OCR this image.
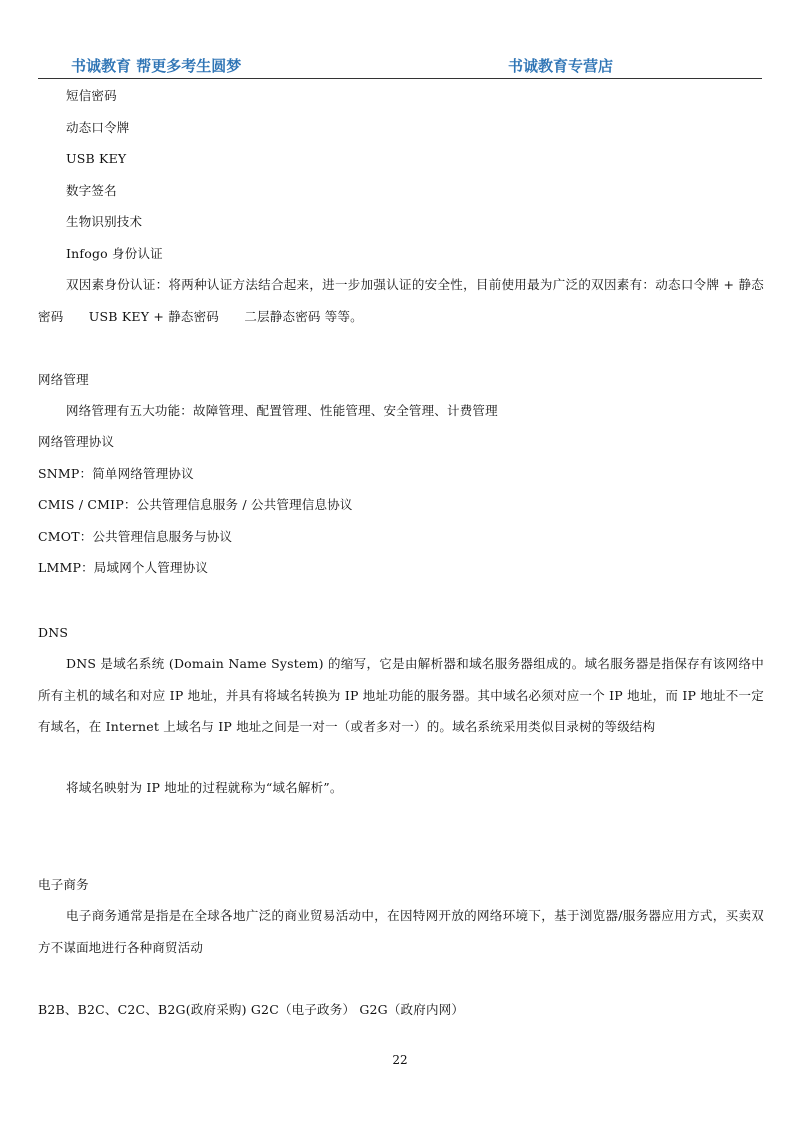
书诚教育 帮更多考生圆梦	书诚教育专营店
短信密码
动态口令牌
USB KEY
数字签名
生物识别技术
Infogo 身份认证
双因素身份认证：将两种认证方法结合起来，进一步加强认证的安全性，目前使用最为广泛的双因素有：动态口令牌 + 静态密码　　USB KEY + 静态密码　　二层静态密码 等等。
网络管理
网络管理有五大功能：故障管理、配置管理、性能管理、安全管理、计费管理
网络管理协议
SNMP：简单网络管理协议
CMIS / CMIP：公共管理信息服务 / 公共管理信息协议
CMOT：公共管理信息服务与协议
LMMP：局域网个人管理协议
DNS
DNS 是域名系统 (Domain Name System) 的缩写，它是由解析器和域名服务器组成的。域名服务器是指保存有该网络中所有主机的域名和对应 IP 地址，并具有将域名转换为 IP 地址功能的服务器。其中域名必须对应一个 IP 地址，而 IP 地址不一定有域名，在 Internet 上域名与 IP 地址之间是一对一（或者多对一）的。域名系统采用类似目录树的等级结构
将域名映射为 IP 地址的过程就称为“域名解析”。
电子商务
电子商务通常是指是在全球各地广泛的商业贸易活动中，在因特网开放的网络环境下，基于浏览器/服务器应用方式，买卖双方不谋面地进行各种商贸活动
B2B、B2C、C2C、B2G(政府采购) G2C（电子政务） G2G（政府内网）
22
